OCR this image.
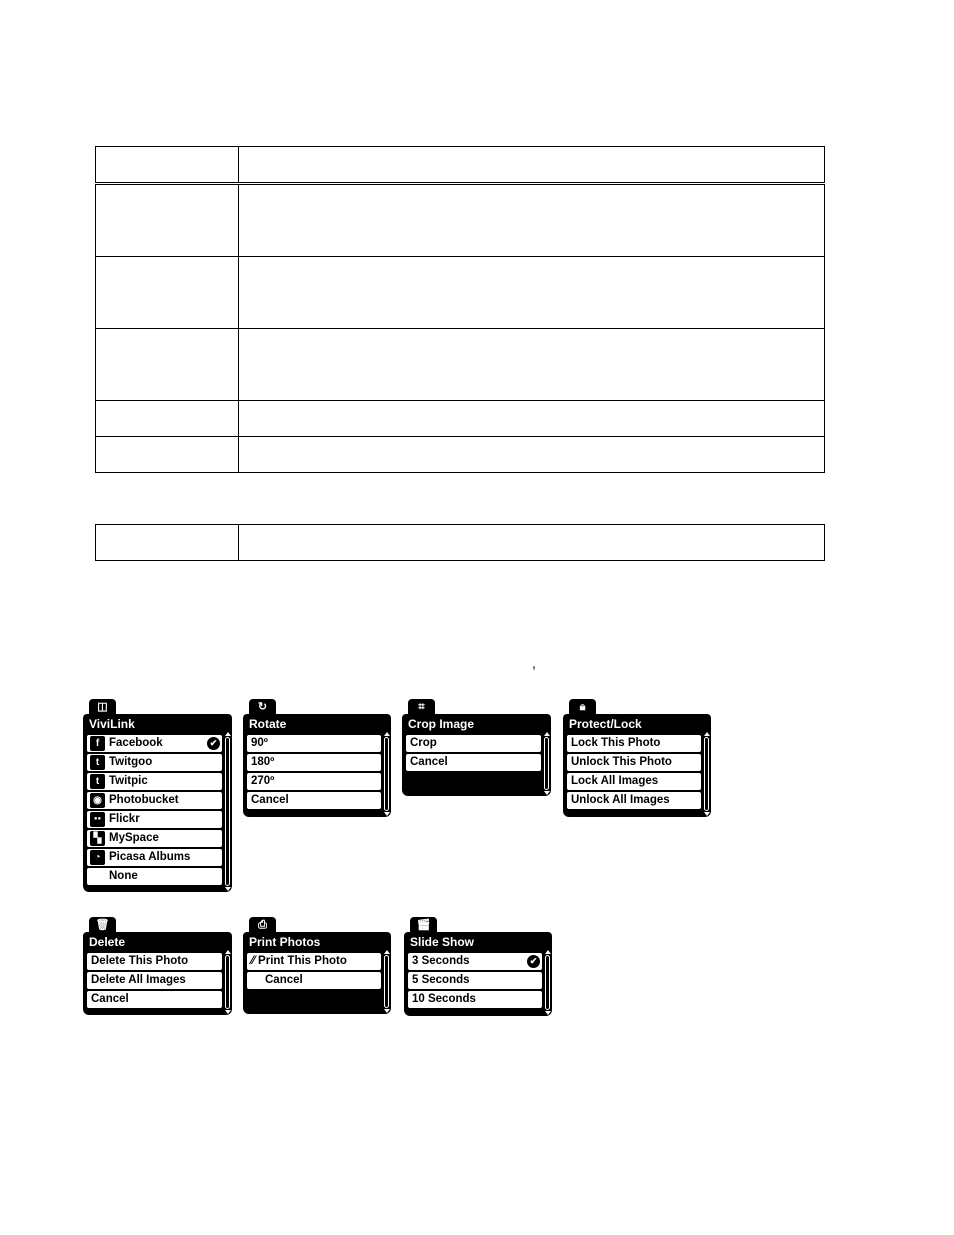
,
◫
ViviLink
f Facebook	✔
t Twitgoo
t Twitpic
◉ Photobucket
●● Flickr
▚ MySpace
◔ Picasa Albums
None
↻
Rotate
90º
180º
270º
Cancel
⌗
Crop Image
Crop
Cancel
🔒︎
Protect/Lock
Lock This Photo
Unlock This Photo
Lock All Images
Unlock All Images
🗑︎
Delete
Delete This Photo
Delete All Images
Cancel
⎙
Print Photos
⁄⁄ Print This Photo
Cancel
🎬︎
Slide Show
3 Seconds	✔
5 Seconds
10 Seconds
